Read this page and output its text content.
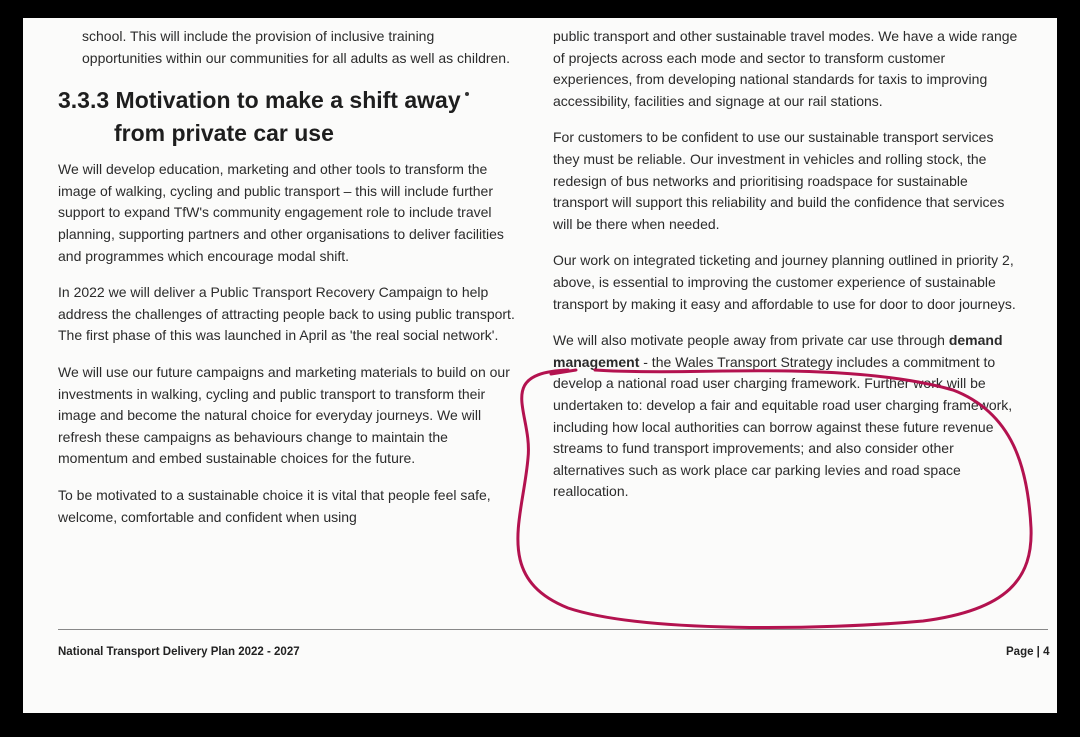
school. This will include the provision of inclusive training opportunities within our communities for all adults as well as children.

3.3.3 Motivation to make a shift away
from private car use

We will develop education, marketing and other tools to transform the image of walking, cycling and public transport – this will include further support to expand TfW's community engagement role to include travel planning, supporting partners and other organisations to deliver facilities and programmes which encourage modal shift.

In 2022 we will deliver a Public Transport Recovery Campaign to help address the challenges of attracting people back to using public transport. The first phase of this was launched in April as 'the real social network'.

We will use our future campaigns and marketing materials to build on our investments in walking, cycling and public transport to transform their image and become the natural choice for everyday journeys. We will refresh these campaigns as behaviours change to maintain the momentum and embed sustainable choices for the future.

To be motivated to a sustainable choice it is vital that people feel safe, welcome, comfortable and confident when using

public transport and other sustainable travel modes. We have a wide range of projects across each mode and sector to transform customer experiences, from developing national standards for taxis to improving accessibility, facilities and signage at our rail stations.

For customers to be confident to use our sustainable transport services they must be reliable. Our investment in vehicles and rolling stock, the redesign of bus networks and prioritising roadspace for sustainable transport will support this reliability and build the confidence that services will be there when needed.

Our work on integrated ticketing and journey planning outlined in priority 2, above, is essential to improving the customer experience of sustainable transport by making it easy and affordable to use for door to door journeys.

We will also motivate people away from private car use through demand management - the Wales Transport Strategy includes a commitment to develop a national road user charging framework. Further work will be undertaken to: develop a fair and equitable road user charging framework, including how local authorities can borrow against these future revenue streams to fund transport improvements; and also consider other alternatives such as work place car parking levies and road space reallocation.

National Transport Delivery Plan 2022 - 2027	Page | 4
